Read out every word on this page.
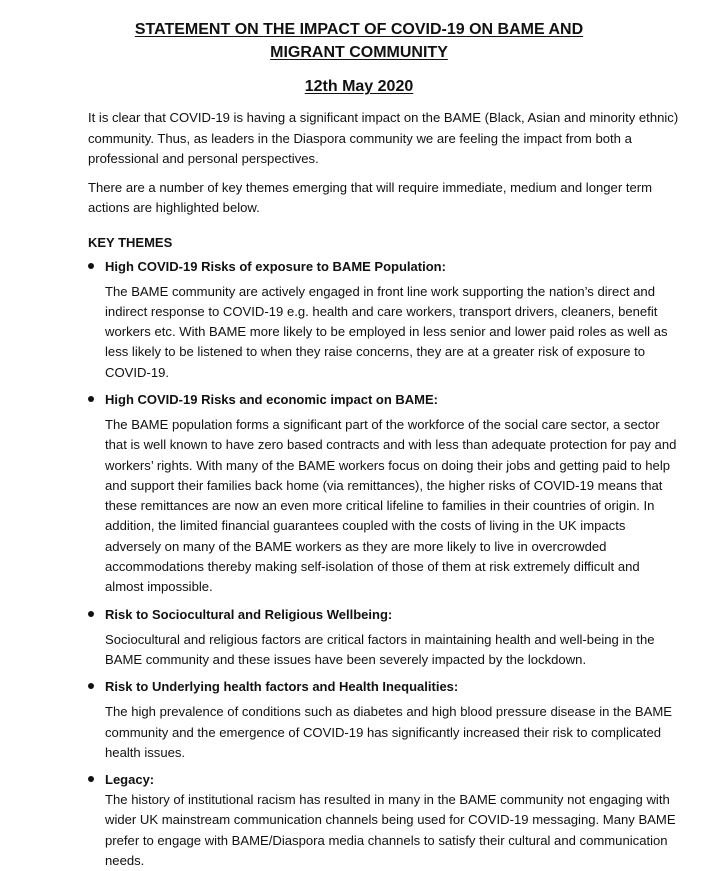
STATEMENT ON THE IMPACT OF COVID-19 ON BAME AND
MIGRANT COMMUNITY
12th May 2020

It is clear that COVID-19 is having a significant impact on the BAME (Black, Asian and minority ethnic) community. Thus, as leaders in the Diaspora community we are feeling the impact from both a professional and personal perspectives.

There are a number of key themes emerging that will require immediate, medium and longer term actions are highlighted below.

KEY THEMES
High COVID-19 Risks of exposure to BAME Population:
The BAME community are actively engaged in front line work supporting the nation’s direct and indirect response to COVID-19 e.g. health and care workers, transport drivers, cleaners, benefit workers etc. With BAME more likely to be employed in less senior and lower paid roles as well as less likely to be listened to when they raise concerns, they are at a greater risk of exposure to COVID-19.
High COVID-19 Risks and economic impact on BAME:
The BAME population forms a significant part of the workforce of the social care sector, a sector that is well known to have zero based contracts and with less than adequate protection for pay and workers’ rights. With many of the BAME workers focus on doing their jobs and getting paid to help and support their families back home (via remittances), the higher risks of COVID-19 means that these remittances are now an even more critical lifeline to families in their countries of origin. In addition, the limited financial guarantees coupled with the costs of living in the UK impacts adversely on many of the BAME workers as they are more likely to live in overcrowded accommodations thereby making self-isolation of those of them at risk extremely difficult and almost impossible.
Risk to Sociocultural and Religious Wellbeing:
Sociocultural and religious factors are critical factors in maintaining health and well-being in the BAME community and these issues have been severely impacted by the lockdown.
Risk to Underlying health factors and Health Inequalities:
The high prevalence of conditions such as diabetes and high blood pressure disease in the BAME community and the emergence of COVID-19 has significantly increased their risk to complicated health issues.
Legacy:
The history of institutional racism has resulted in many in the BAME community not engaging with wider UK mainstream communication channels being used for COVID-19 messaging. Many BAME prefer to engage with BAME/Diaspora media channels to satisfy their cultural and communication needs.
